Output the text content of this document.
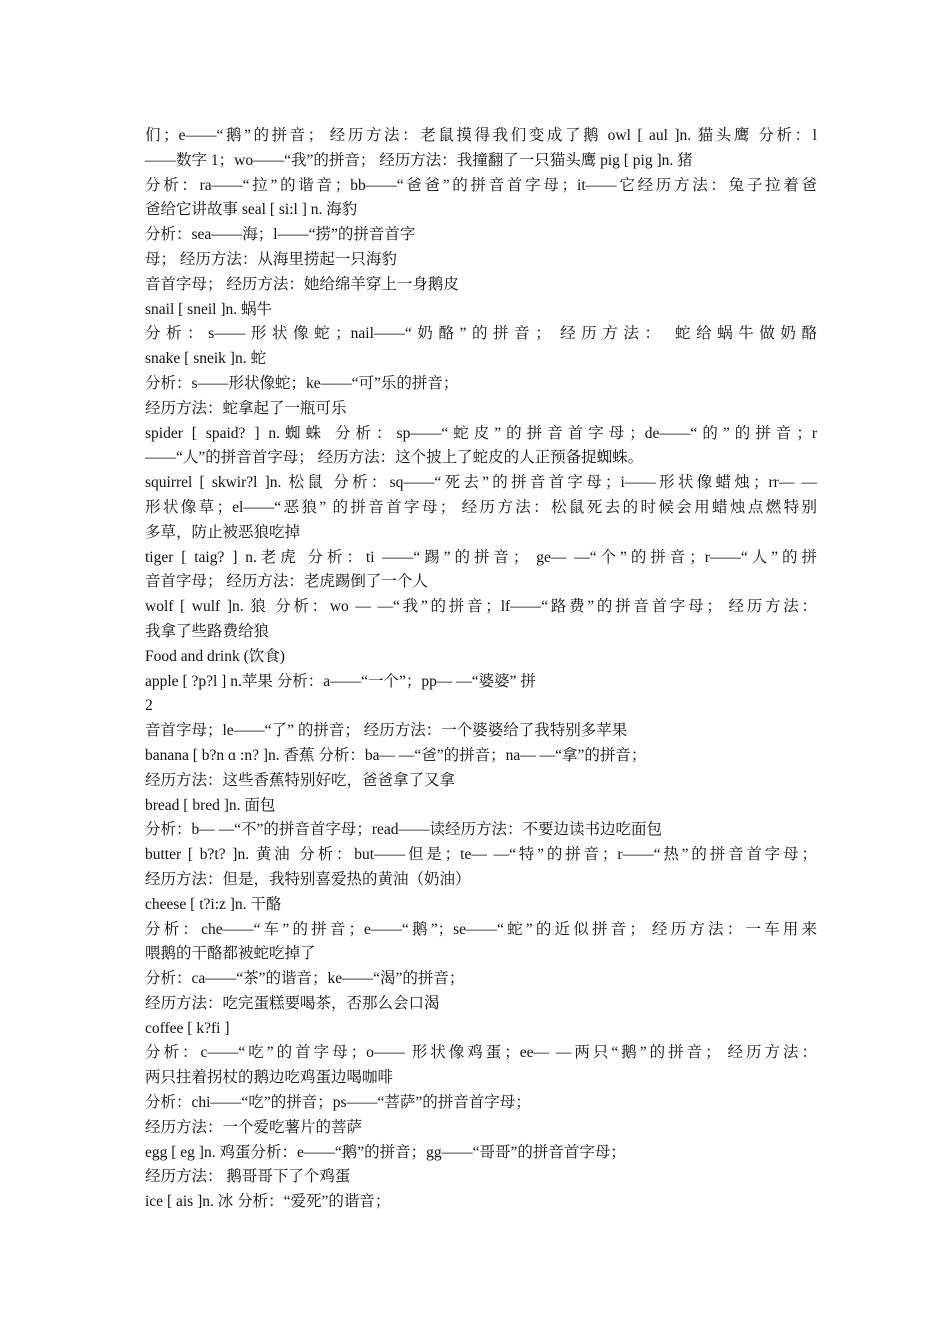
们；e——“鹅”的拼音； 经历方法：老鼠摸得我们变成了鹅 owl [ aul ]n. 猫头鹰 分析：l
——数字 1；wo——“我”的拼音； 经历方法：我撞翻了一只猫头鹰 pig [ pig ]n. 猪
分析：ra——“拉”的谐音；bb——“爸爸”的拼音首字母；it——它经历方法：兔子拉着爸
爸给它讲故事 seal [ si:l ] n. 海豹
分析：sea——海；l——“捞”的拼音首字
母； 经历方法：从海里捞起一只海豹
音首字母； 经历方法：她给绵羊穿上一身鹅皮
snail [ sneil ]n. 蜗牛
分析：s——形状像蛇；nail——“奶酪”的拼音； 经历方法： 蛇给蜗牛做奶酪
snake [ sneik ]n. 蛇
分析：s——形状像蛇；ke——“可”乐的拼音；
经历方法：蛇拿起了一瓶可乐
spider [ spaid? ] n.蜘蛛 分析：sp——“蛇皮”的拼音首字母；de——“的”的拼音；r
——“人”的拼音首字母； 经历方法：这个披上了蛇皮的人正预备捉蜘蛛。
squirrel [ skwir?l ]n. 松鼠 分析：sq——“死去”的拼音首字母；i——形状像蜡烛；rr— —
形状像草；el——“恶狼” 的拼音首字母； 经历方法：松鼠死去的时候会用蜡烛点燃特别
多草，防止被恶狼吃掉
tiger [ taig? ] n.老虎 分析：ti ——“踢”的拼音； ge— —“个”的拼音；r——“人”的拼
音首字母； 经历方法：老虎踢倒了一个人
wolf [ wulf ]n. 狼 分析：wo — —“我”的拼音；lf——“路费”的拼音首字母； 经历方法：
我拿了些路费给狼
Food and drink (饮食)
apple [ ?p?l ] n.苹果 分析：a——“一个”；pp— —“婆婆” 拼
2
音首字母；le——“了” 的拼音； 经历方法：一个婆婆给了我特别多苹果
banana [ b?n ɑ :n? ]n. 香蕉 分析：ba— —“爸”的拼音；na— —“拿”的拼音；
经历方法：这些香蕉特别好吃，爸爸拿了又拿
bread [ bred ]n. 面包
分析：b— —“不”的拼音首字母；read——读经历方法：不要边读书边吃面包
butter [ b?t? ]n. 黄油 分析：but——但是；te— —“特”的拼音；r——“热”的拼音首字母；
经历方法：但是，我特别喜爱热的黄油（奶油）
cheese [ t?i:z ]n. 干酪
分析：che——“车”的拼音；e——“鹅”；se——“蛇”的近似拼音； 经历方法：一车用来
喂鹅的干酪都被蛇吃掉了
分析：ca——“茶”的谐音；ke——“渴”的拼音；
经历方法：吃完蛋糕要喝茶，否那么会口渴
coffee [ k?fi ]
分析：c——“吃”的首字母；o—— 形状像鸡蛋；ee— —两只“鹅”的拼音； 经历方法：
两只拄着拐杖的鹅边吃鸡蛋边喝咖啡
分析：chi——“吃”的拼音；ps——“菩萨”的拼音首字母；
经历方法：一个爱吃薯片的菩萨
egg [ eg ]n. 鸡蛋分析：e——“鹅”的拼音；gg——“哥哥”的拼音首字母；
经历方法： 鹅哥哥下了个鸡蛋
ice [ ais ]n. 冰 分析：“爱死”的谐音；
